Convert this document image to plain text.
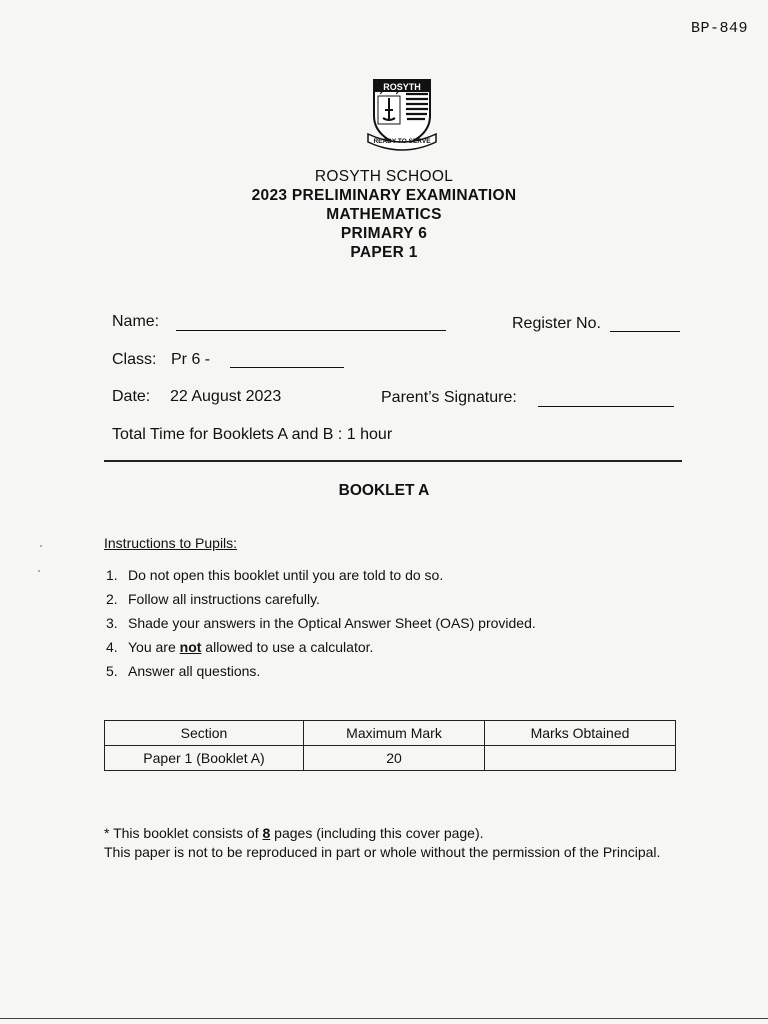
BP-849
ROSYTH
READY TO SERVE
ROSYTH SCHOOL
2023 PRELIMINARY EXAMINATION
MATHEMATICS
PRIMARY 6
PAPER 1
Name:	Register No.
Class: Pr 6 -
Date: 22 August 2023	Parent’s Signature:
Total Time for Booklets A and B : 1 hour
BOOKLET A
Instructions to Pupils:
1. Do not open this booklet until you are told to do so.
2. Follow all instructions carefully.
3. Shade your answers in the Optical Answer Sheet (OAS) provided.
4. You are not allowed to use a calculator.
5. Answer all questions.
Section	Maximum Mark	Marks Obtained
Paper 1 (Booklet A)	20	
* This booklet consists of 8 pages (including this cover page).
This paper is not to be reproduced in part or whole without the permission of the Principal.
